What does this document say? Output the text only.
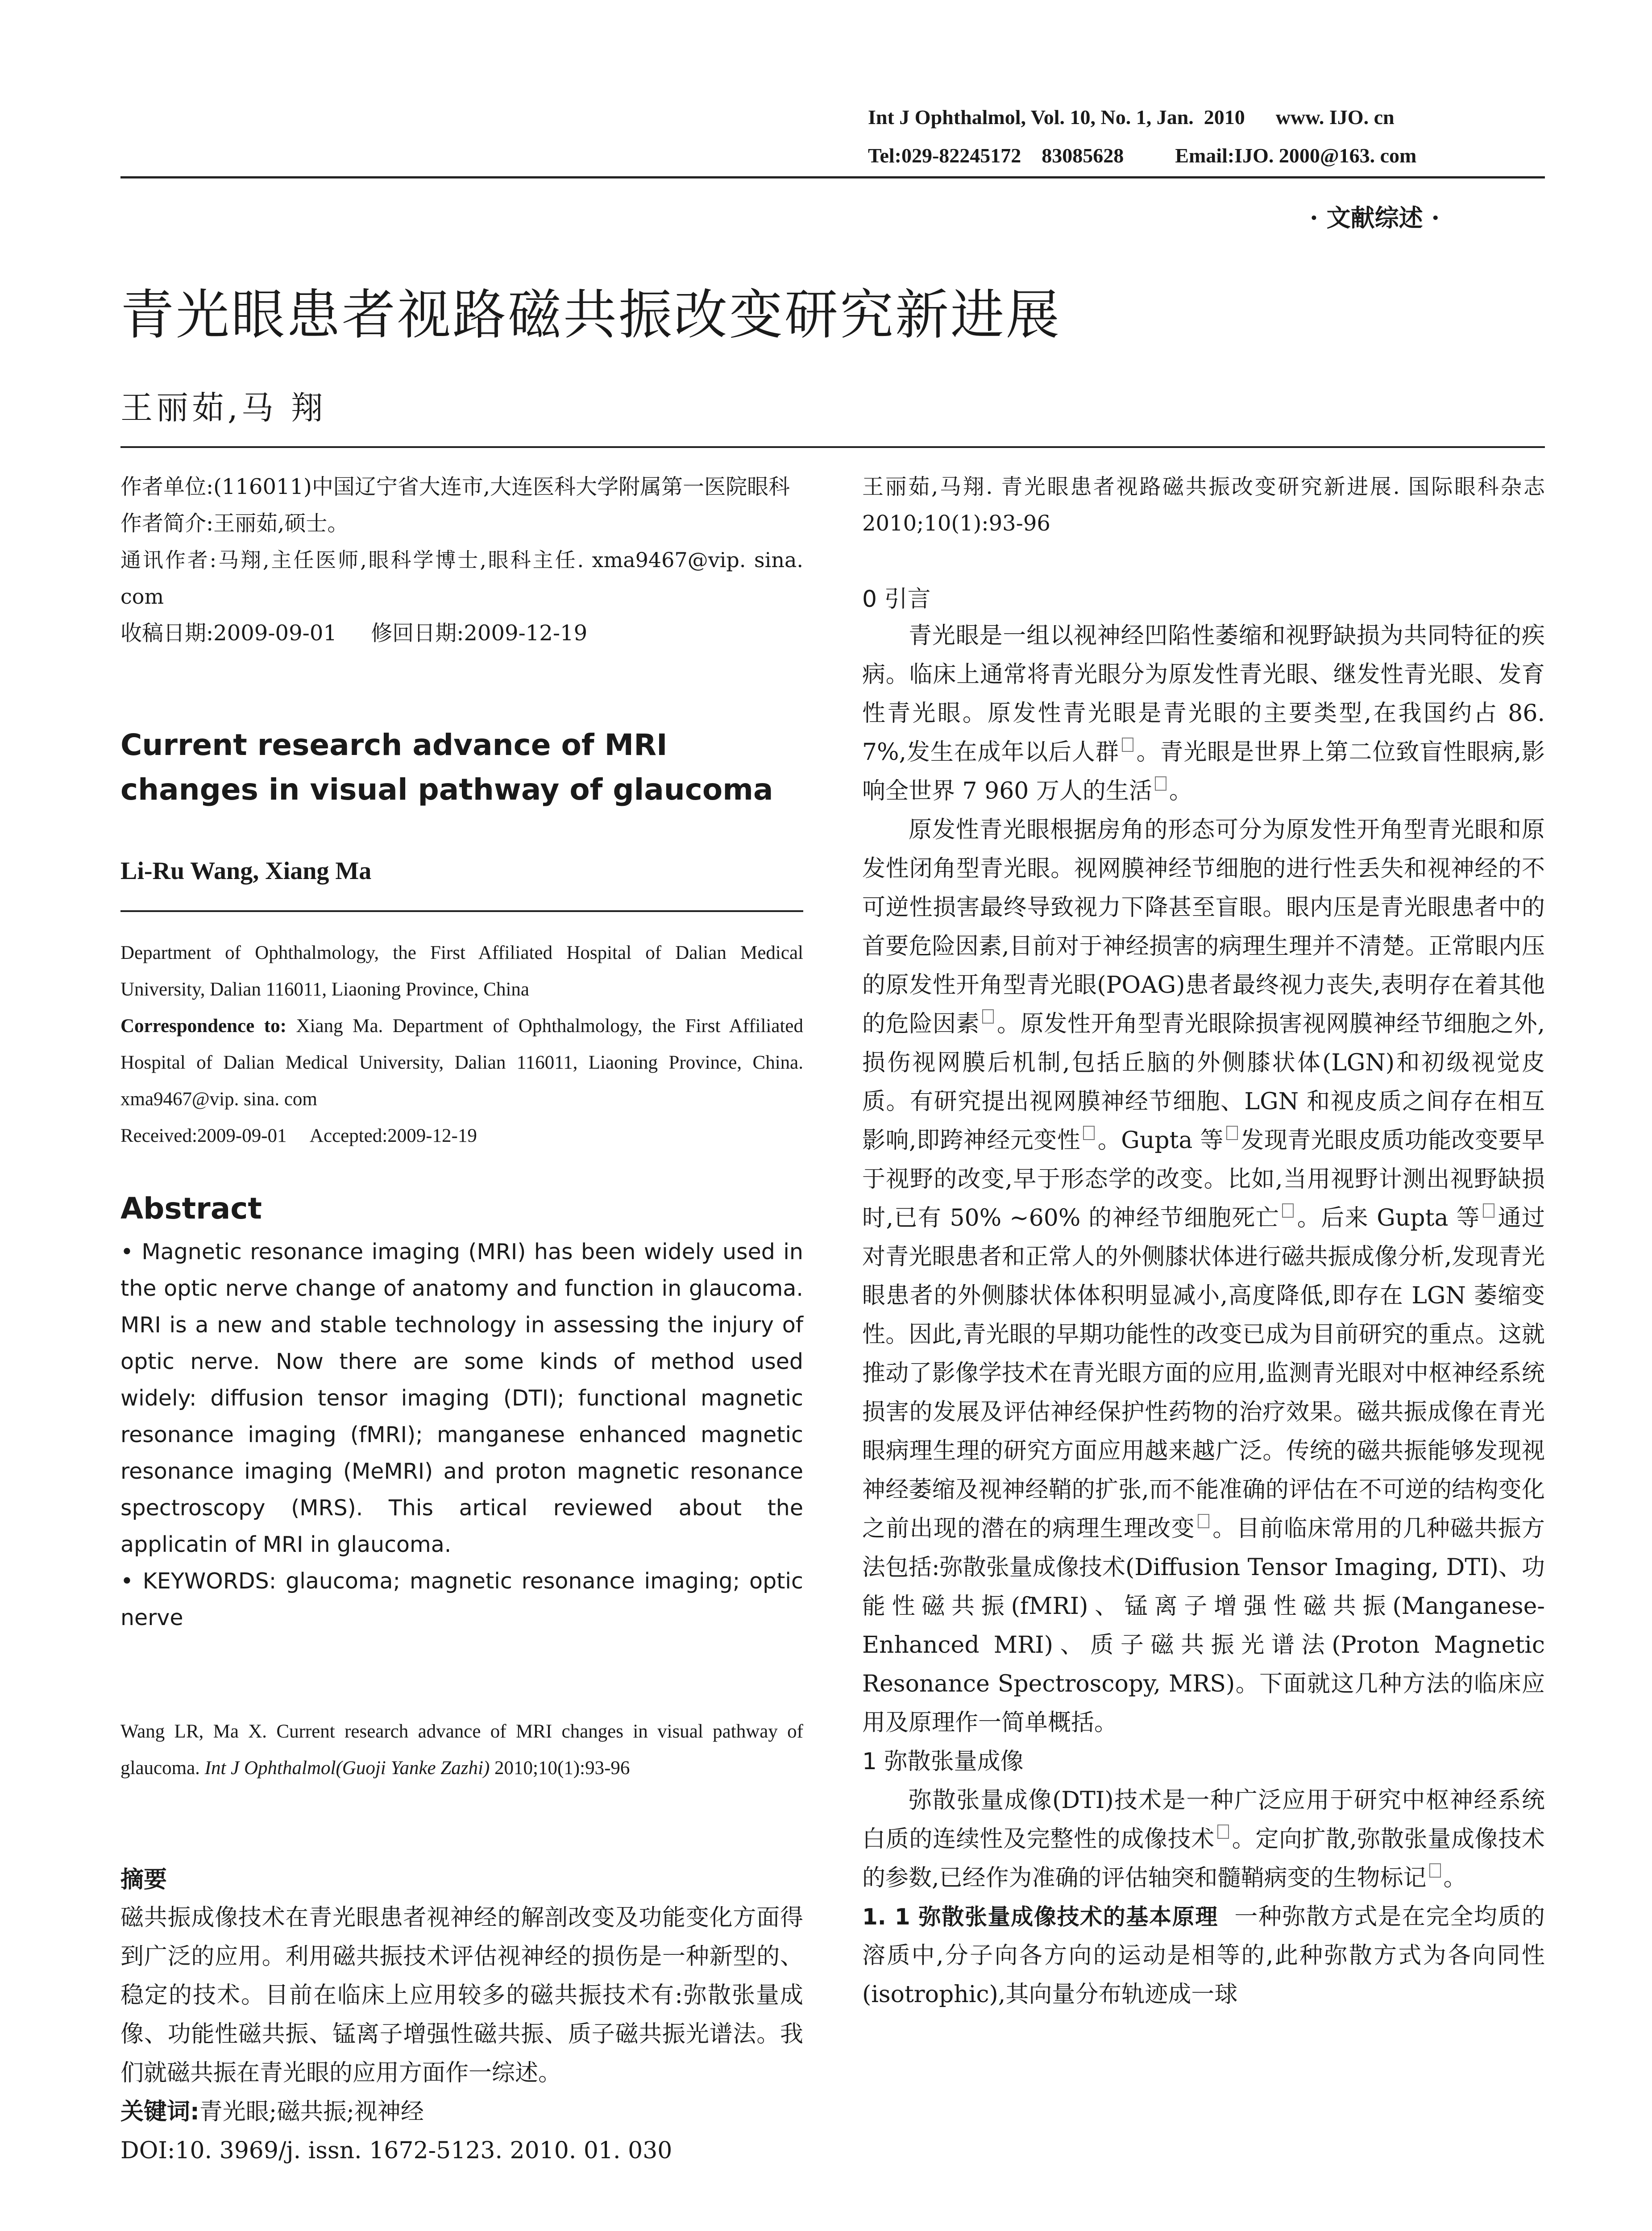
Int J Ophthalmol, Vol. 10, No. 1, Jan.  2010      www. IJO. cn
Tel:029-82245172    83085628          Email:IJO. 2000@163. com
· 文献综述 ·
青光眼患者视路磁共振改变研究新进展
王丽茹,马 翔

作者单位:(116011)中国辽宁省大连市,大连医科大学附属第一医院眼科

作者简介:王丽茹,硕士。

通讯作者:马翔,主任医师,眼科学博士,眼科主任. xma9467@vip. sina. com

收稿日期:2009-09-01     修回日期:2009-12-19

Current research advance of MRI changes in visual pathway of glaucoma

Li-Ru Wang, Xiang Ma

Department of Ophthalmology, the First Affiliated Hospital of Dalian Medical University, Dalian 116011, Liaoning Province, China

Correspondence to: Xiang Ma. Department of Ophthalmology, the First Affiliated Hospital of Dalian Medical University, Dalian 116011, Liaoning Province, China. xma9467@vip. sina. com

Received:2009-09-01     Accepted:2009-12-19

Abstract

• Magnetic resonance imaging (MRI) has been widely used in the optic nerve change of anatomy and function in glaucoma. MRI is a new and stable technology in assessing the injury of optic nerve. Now there are some kinds of method used widely: diffusion tensor imaging (DTI); functional magnetic resonance imaging (fMRI); manganese enhanced magnetic resonance imaging (MeMRI) and proton magnetic resonance spectroscopy (MRS). This artical reviewed about the applicatin of MRI in glaucoma.

• KEYWORDS: glaucoma; magnetic resonance imaging; optic nerve

Wang LR, Ma X. Current research advance of MRI changes in visual pathway of glaucoma. Int J Ophthalmol(Guoji Yanke Zazhi) 2010;10(1):93-96

摘要

磁共振成像技术在青光眼患者视神经的解剖改变及功能变化方面得到广泛的应用。利用磁共振技术评估视神经的损伤是一种新型的、稳定的技术。目前在临床上应用较多的磁共振技术有:弥散张量成像、功能性磁共振、锰离子增强性磁共振、质子磁共振光谱法。我们就磁共振在青光眼的应用方面作一综述。

关键词:青光眼;磁共振;视神经

DOI:10. 3969/j. issn. 1672-5123. 2010. 01. 030

王丽茹,马翔. 青光眼患者视路磁共振改变研究新进展. 国际眼科杂志 2010;10(1):93-96

0 引言

青光眼是一组以视神经凹陷性萎缩和视野缺损为共同特征的疾病。临床上通常将青光眼分为原发性青光眼、继发性青光眼、发育性青光眼。原发性青光眼是青光眼的主要类型,在我国约占 86. 7%,发生在成年以后人群 。青光眼是世界上第二位致盲性眼病,影响全世界 7 960 万人的生活 。

原发性青光眼根据房角的形态可分为原发性开角型青光眼和原发性闭角型青光眼。视网膜神经节细胞的进行性丢失和视神经的不可逆性损害最终导致视力下降甚至盲眼。眼内压是青光眼患者中的首要危险因素,目前对于神经损害的病理生理并不清楚。正常眼内压的原发性开角型青光眼(POAG)患者最终视力丧失,表明存在着其他的危险因素 。原发性开角型青光眼除损害视网膜神经节细胞之外,损伤视网膜后机制,包括丘脑的外侧膝状体(LGN)和初级视觉皮质。有研究提出视网膜神经节细胞、LGN 和视皮质之间存在相互影响,即跨神经元变性 。Gupta 等 发现青光眼皮质功能改变要早于视野的改变,早于形态学的改变。比如,当用视野计测出视野缺损时,已有 50% ~60% 的神经节细胞死亡 。后来 Gupta 等 通过对青光眼患者和正常人的外侧膝状体进行磁共振成像分析,发现青光眼患者的外侧膝状体体积明显减小,高度降低,即存在 LGN 萎缩变性。因此,青光眼的早期功能性的改变已成为目前研究的重点。这就推动了影像学技术在青光眼方面的应用,监测青光眼对中枢神经系统损害的发展及评估神经保护性药物的治疗效果。磁共振成像在青光眼病理生理的研究方面应用越来越广泛。传统的磁共振能够发现视神经萎缩及视神经鞘的扩张,而不能准确的评估在不可逆的结构变化之前出现的潜在的病理生理改变 。目前临床常用的几种磁共振方法包括:弥散张量成像技术(Diffusion Tensor Imaging, DTI)、功能性磁共振(fMRI)、锰离子增强性磁共振(Manganese-Enhanced MRI)、质子磁共振光谱法(Proton Magnetic Resonance Spectroscopy, MRS)。下面就这几种方法的临床应用及原理作一简单概括。

1 弥散张量成像

弥散张量成像(DTI)技术是一种广泛应用于研究中枢神经系统白质的连续性及完整性的成像技术 。定向扩散,弥散张量成像技术的参数,已经作为准确的评估轴突和髓鞘病变的生物标记 。

1. 1 弥散张量成像技术的基本原理 一种弥散方式是在完全均质的溶质中,分子向各方向的运动是相等的,此种弥散方式为各向同性(isotrophic),其向量分布轨迹成一球
